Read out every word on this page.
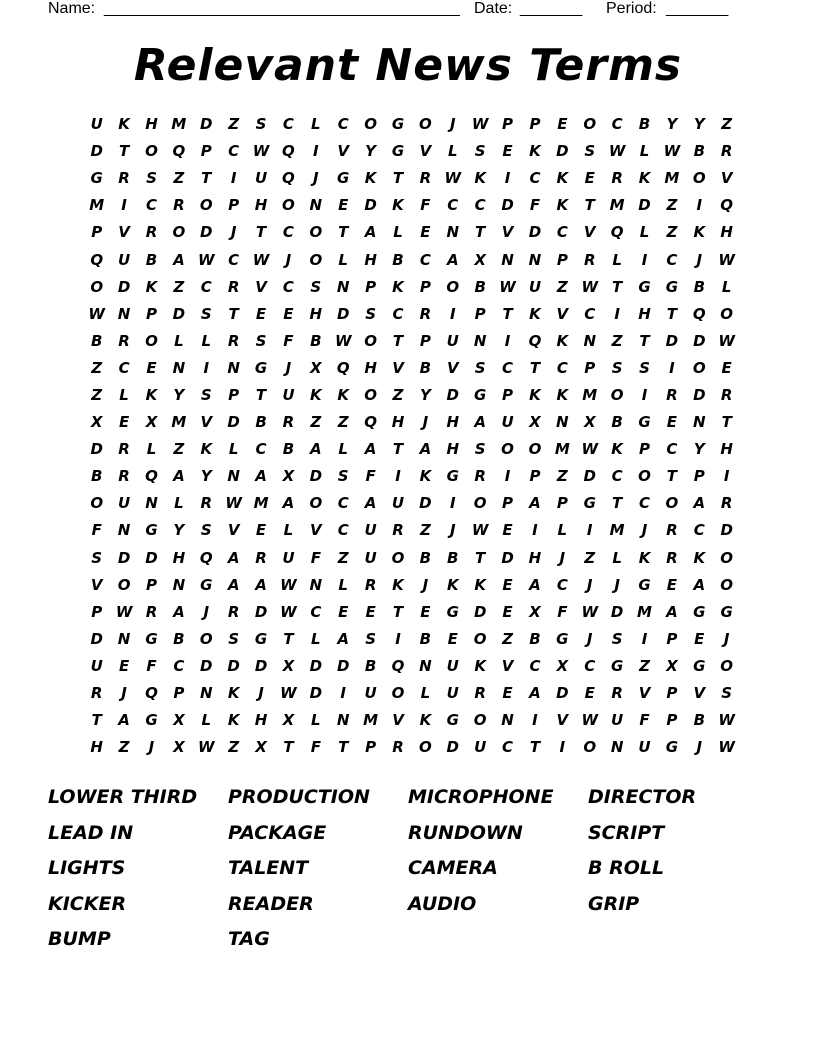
Name: ________________________________________ Date: _______ Period: _______
Relevant News Terms
U	K	H M D	Z	S	C	L	C	O G O	J	W P	P	E	O	C	B	Y	Y	Z
D	T	O Q	P	C W Q	I	V	Y	G	V	L	S	E	K	D	S W L W B	R
G	R	S	Z	T	I	U Q	J	G	K	T	R W K	I	C	K	E	R	K M O	V
M	I	C	R	O	P	H O N	E	D	K	F	C	C	D	F	K	T M D	Z	I	Q
P	V	R	O D	J	T	C	O	T	A	L	E	N	T	V	D	C	V	Q	L	Z	K	H
Q U	B	A W C W	J	O	L	H	B	C	A	X	N N	P	R	L	I	C	J	W
O D	K	Z	C	R	V	C	S	N	P	K	P	O	B W U	Z W T	G	G	B	L
W N	P	D	S	T	E	E	H D	S	C	R	I	P	T	K	V	C	I	H	T	Q O
B	R	O	L	L	R	S	F	B W O	T	P	U	N	I	Q	K	N	Z	T	D D W
Z	C	E	N	I	N G	J	X	Q H	V	B	V	S	C	T	C	P	S	S	I	O	E
Z	L	K	Y	S	P	T	U	K	K	O	Z	Y	D	G	P	K	K M O	I	R	D	R
X	E	X M V	D	B	R	Z	Z	Q H	J	H	A	U	X	N	X	B	G	E	N	T
D	R	L	Z	K	L	C	B	A	L	A	T	A	H	S	O O M W K	P	C	Y	H
B	R	Q	A	Y	N	A	X	D	S	F	I	K	G	R	I	P	Z	D	C	O	T	P	I
O U	N	L	R W M A	O	C	A	U	D	I	O	P	A	P	G	T	C	O	A	R
F	N G	Y	S	V	E	L	V	C	U	R	Z	J	W E	I	L	I	M	J	R	C	D
S	D D H Q	A	R	U	F	Z	U O	B	B	T	D H	J	Z	L	K	R	K	O
V	O	P	N G	A	A W N	L	R	K	J	K	K	E	A	C	J	J	G	E	A	O
P W R	A	J	R	D W C	E	E	T	E	G	D	E	X	F W D M A	G	G
D N G	B	O	S	G	T	L	A	S	I	B	E	O	Z	B	G	J	S	I	P	E	J
U	E	F	C	D D D	X	D D	B	Q N	U	K	V	C	X	C	G	Z	X	G O
R	J	Q	P	N	K	J	W D	I	U O	L	U	R	E	A	D	E	R	V	P	V	S
T	A	G	X	L	K	H	X	L	N M V	K	G O N	I	V W U	F	P	B W
H	Z	J	X W Z	X	T	F	T	P	R	O D	U	C	T	I	O N	U	G	J	W
LOWER THIRD	PRODUCTION	MICROPHONE	DIRECTOR
LEAD IN	PACKAGE	RUNDOWN	SCRIPT
LIGHTS	TALENT	CAMERA	B ROLL
KICKER	READER	AUDIO	GRIP
BUMP	TAG
